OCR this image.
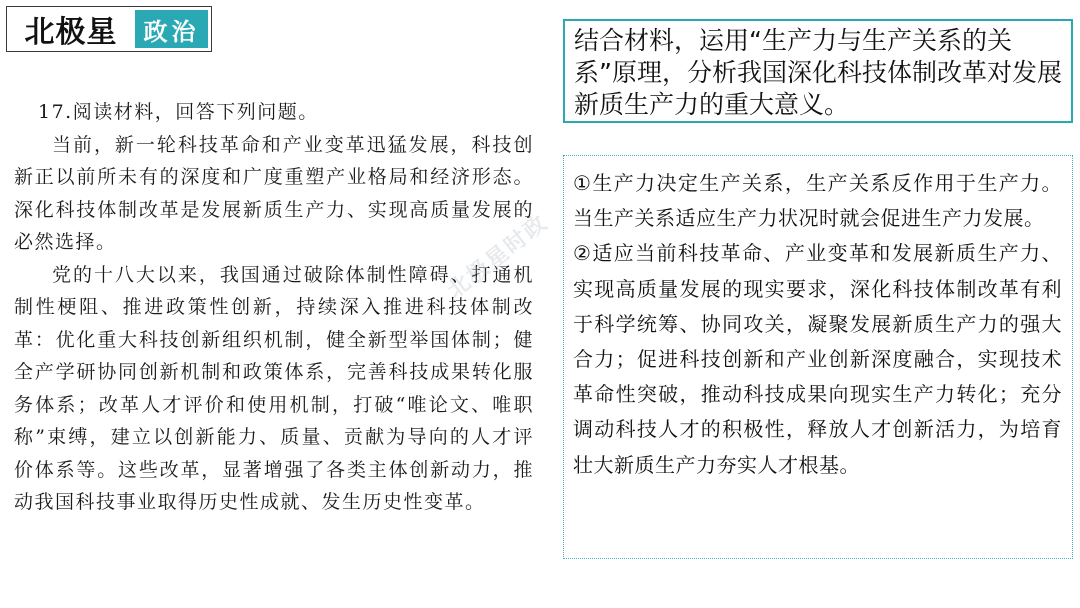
北极星	政治

17.阅读材料，回答下列问题。

当前，新一轮科技革命和产业变革迅猛发展，科技创新正以前所未有的深度和广度重塑产业格局和经济形态。深化科技体制改革是发展新质生产力、实现高质量发展的必然选择。

党的十八大以来，我国通过破除体制性障碍、打通机制性梗阻、推进政策性创新，持续深入推进科技体制改革：优化重大科技创新组织机制，健全新型举国体制；健全产学研协同创新机制和政策体系，完善科技成果转化服务体系；改革人才评价和使用机制，打破“唯论文、唯职称”束缚，建立以创新能力、质量、贡献为导向的人才评价体系等。这些改革，显著增强了各类主体创新动力，推动我国科技事业取得历史性成就、发生历史性变革。

北极星时政
结合材料，运用“生产力与生产关系的关系”原理，分析我国深化科技体制改革对发展新质生产力的重大意义。

①生产力决定生产关系，生产关系反作用于生产力。当生产关系适应生产力状况时就会促进生产力发展。

②适应当前科技革命、产业变革和发展新质生产力、实现高质量发展的现实要求，深化科技体制改革有利于科学统筹、协同攻关，凝聚发展新质生产力的强大合力；促进科技创新和产业创新深度融合，实现技术革命性突破，推动科技成果向现实生产力转化；充分调动科技人才的积极性，释放人才创新活力，为培育壮大新质生产力夯实人才根基。
